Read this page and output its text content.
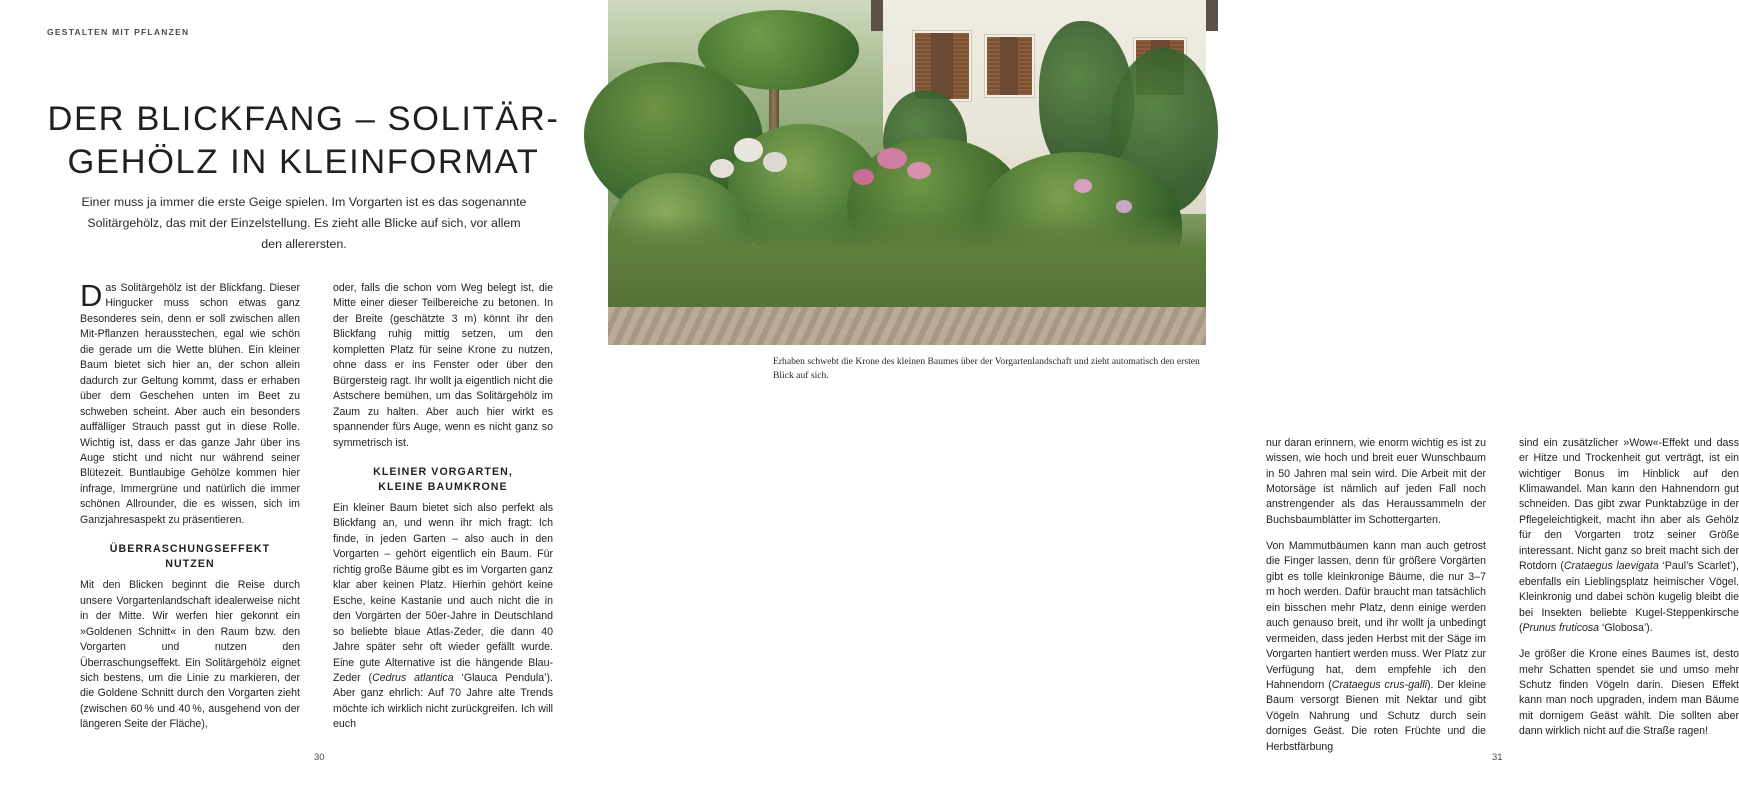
GESTALTEN MIT PFLANZEN
DER BLICKFANG – SOLITÄR-
GEHÖLZ IN KLEINFORMAT
Einer muss ja immer die erste Geige spielen. Im Vorgarten ist es das sogenannte Solitärgehölz, das mit der Einzelstellung. Es zieht alle Blicke auf sich, vor allem den allerersten.

Das Solitärgehölz ist der Blickfang. Dieser Hingucker muss schon etwas ganz Besonderes sein, denn er soll zwischen allen Mit-Pflanzen herausstechen, egal wie schön die gerade um die Wette blühen. Ein kleiner Baum bietet sich hier an, der schon allein dadurch zur Geltung kommt, dass er erhaben über dem Geschehen unten im Beet zu schweben scheint. Aber auch ein besonders auffälliger Strauch passt gut in diese Rolle. Wichtig ist, dass er das ganze Jahr über ins Auge sticht und nicht nur während seiner Blütezeit. Buntlaubige Gehölze kommen hier infrage, Immergrüne und natürlich die immer schönen Allrounder, die es wissen, sich im Ganzjahresaspekt zu präsentieren.

ÜBERRASCHUNGSEFFEKT
NUTZEN

Mit den Blicken beginnt die Reise durch unsere Vorgartenlandschaft idealerweise nicht in der Mitte. Wir werfen hier gekonnt ein »Goldenen Schnitt« in den Raum bzw. den Vorgarten und nutzen den Überraschungseffekt. Ein Solitärgehölz eignet sich bestens, um die Linie zu markieren, der die Goldene Schnitt durch den Vorgarten zieht (zwischen 60 % und 40 %, ausgehend von der längeren Seite der Fläche),

oder, falls die schon vom Weg belegt ist, die Mitte einer dieser Teilbereiche zu betonen. In der Breite (geschätzte 3 m) könnt ihr den Blickfang ruhig mittig setzen, um den kompletten Platz für seine Krone zu nutzen, ohne dass er ins Fenster oder über den Bürgersteig ragt. Ihr wollt ja eigentlich nicht die Astschere bemühen, um das Solitärgehölz im Zaum zu halten. Aber auch hier wirkt es spannender fürs Auge, wenn es nicht ganz so symmetrisch ist.

KLEINER VORGARTEN,
KLEINE BAUMKRONE

Ein kleiner Baum bietet sich also perfekt als Blickfang an, und wenn ihr mich fragt: Ich finde, in jeden Garten – also auch in den Vorgarten – gehört eigentlich ein Baum. Für richtig große Bäume gibt es im Vorgarten ganz klar aber keinen Platz. Hierhin gehört keine Esche, keine Kastanie und auch nicht die in den Vorgärten der 50er-Jahre in Deutschland so beliebte blaue Atlas-Zeder, die dann 40 Jahre später sehr oft wieder gefällt wurde. Eine gute Alternative ist die hängende Blau-Zeder (Cedrus atlantica ‘Glauca Pendula’). Aber ganz ehrlich: Auf 70 Jahre alte Trends möchte ich wirklich nicht zurückgreifen. Ich will euch

30
Erhaben schwebt die Krone des kleinen Baumes über der Vorgartenlandschaft und zieht automatisch den ersten Blick auf sich.

nur daran erinnern, wie enorm wichtig es ist zu wissen, wie hoch und breit euer Wunschbaum in 50 Jahren mal sein wird. Die Arbeit mit der Motorsäge ist nämlich auf jeden Fall noch anstrengender als das Heraussammeln der Buchsbaumblätter im Schottergarten.

Von Mammutbäumen kann man auch getrost die Finger lassen, denn für größere Vorgärten gibt es tolle kleinkronige Bäume, die nur 3–7 m hoch werden. Dafür braucht man tatsächlich ein bisschen mehr Platz, denn einige werden auch genauso breit, und ihr wollt ja unbedingt vermeiden, dass jeden Herbst mit der Säge im Vorgarten hantiert werden muss. Wer Platz zur Verfügung hat, dem empfehle ich den Hahnendorn (Crataegus crus-galli). Der kleine Baum versorgt Bienen mit Nektar und gibt Vögeln Nahrung und Schutz durch sein dorniges Geäst. Die roten Früchte und die Herbstfärbung

sind ein zusätzlicher »Wow«-Effekt und dass er Hitze und Trockenheit gut verträgt, ist ein wichtiger Bonus im Hinblick auf den Klimawandel. Man kann den Hahnendorn gut schneiden. Das gibt zwar Punktabzüge in der Pflegeleichtigkeit, macht ihn aber als Gehölz für den Vorgarten trotz seiner Größe interessant. Nicht ganz so breit macht sich der Rotdorn (Crataegus laevigata ‘Paul’s Scarlet’), ebenfalls ein Lieblingsplatz heimischer Vögel. Kleinkronig und dabei schön kugelig bleibt die bei Insekten beliebte Kugel-Steppenkirsche (Prunus fruticosa ‘Globosa’).

Je größer die Krone eines Baumes ist, desto mehr Schatten spendet sie und umso mehr Schutz finden Vögeln darin. Diesen Effekt kann man noch upgraden, indem man Bäume mit dornigem Geäst wählt. Die sollten aber dann wirklich nicht auf die Straße ragen!

31
